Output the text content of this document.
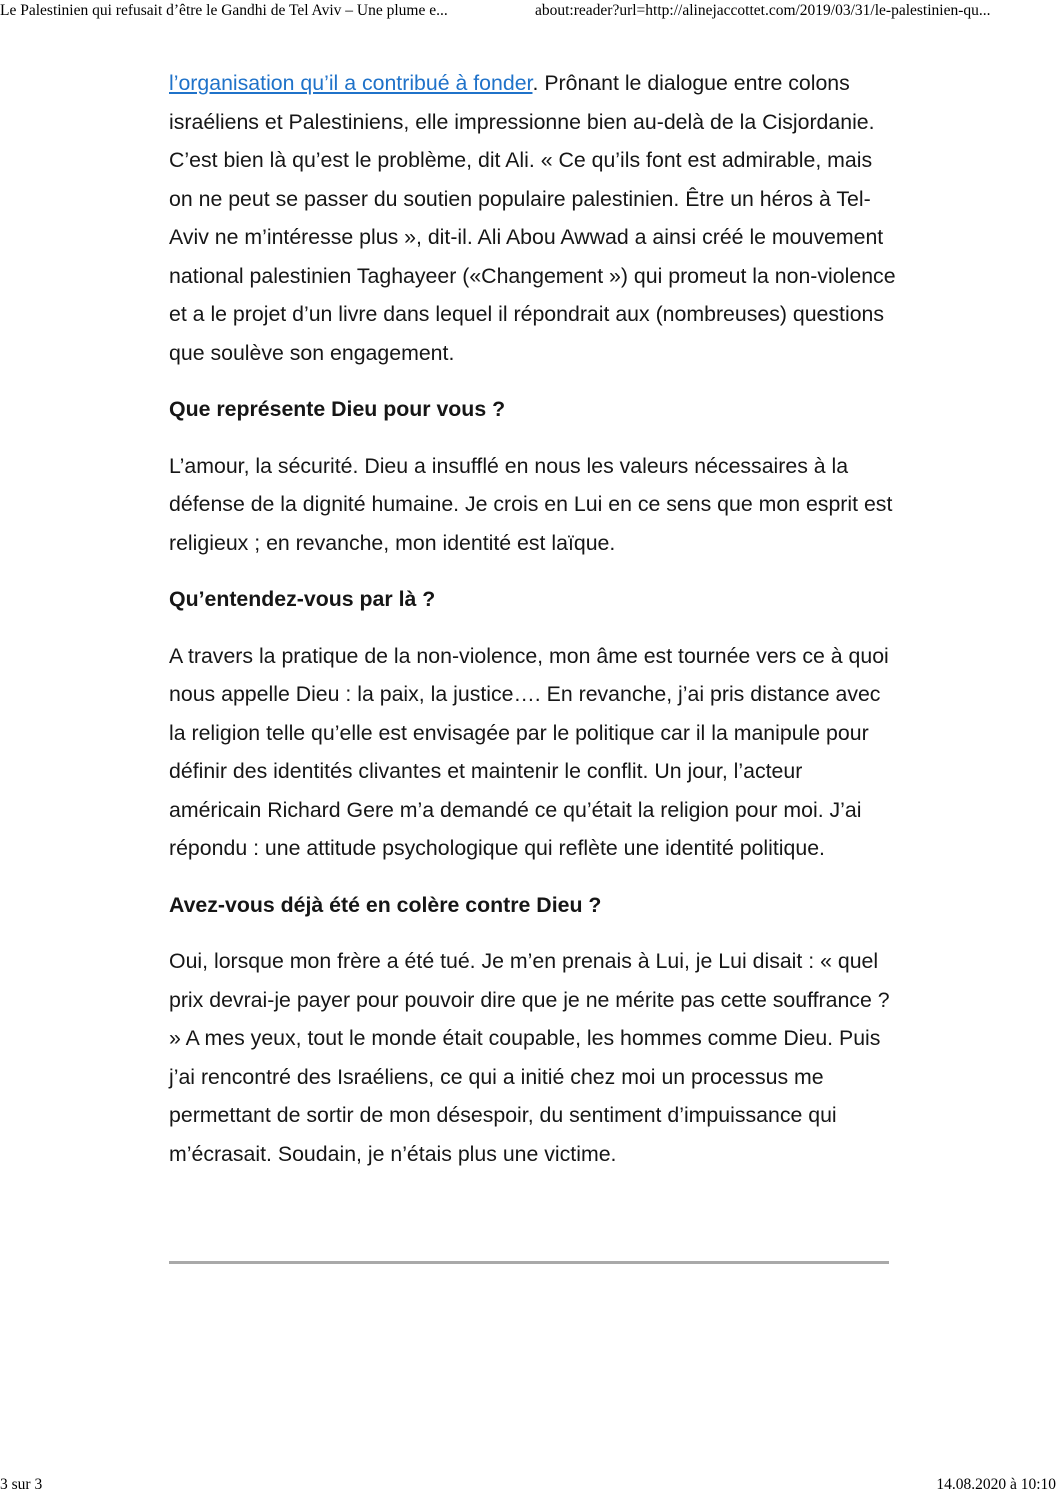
Le Palestinien qui refusait d’être le Gandhi de Tel Aviv – Une plume e...	about:reader?url=http://alinejaccottet.com/2019/03/31/le-palestinien-qu...

l’organisation qu’il a contribué à fonder. Prônant le dialogue entre colons israéliens et Palestiniens, elle impressionne bien au-delà de la Cisjordanie. C’est bien là qu’est le problème, dit Ali. « Ce qu’ils font est admirable, mais on ne peut se passer du soutien populaire palestinien. Être un héros à Tel-Aviv ne m’intéresse plus », dit-il. Ali Abou Awwad a ainsi créé le mouvement national palestinien Taghayeer («Changement ») qui promeut la non-violence et a le projet d’un livre dans lequel il répondrait aux (nombreuses) questions que soulève son engagement.

Que représente Dieu pour vous ?

L’amour, la sécurité. Dieu a insufflé en nous les valeurs nécessaires à la défense de la dignité humaine. Je crois en Lui en ce sens que mon esprit est religieux ; en revanche, mon identité est laïque.

Qu’entendez-vous par là ?

A travers la pratique de la non-violence, mon âme est tournée vers ce à quoi nous appelle Dieu : la paix, la justice…. En revanche, j’ai pris distance avec la religion telle qu’elle est envisagée par le politique car il la manipule pour définir des identités clivantes et maintenir le conflit. Un jour, l’acteur américain Richard Gere m’a demandé ce qu’était la religion pour moi. J’ai répondu : une attitude psychologique qui reflète une identité politique.

Avez-vous déjà été en colère contre Dieu ?

Oui, lorsque mon frère a été tué. Je m’en prenais à Lui, je Lui disait : « quel prix devrai-je payer pour pouvoir dire que je ne mérite pas cette souffrance ? » A mes yeux, tout le monde était coupable, les hommes comme Dieu. Puis j’ai rencontré des Israéliens, ce qui a initié chez moi un processus me permettant de sortir de mon désespoir, du sentiment d’impuissance qui m’écrasait. Soudain, je n’étais plus une victime.

3 sur 3	14.08.2020 à 10:10
